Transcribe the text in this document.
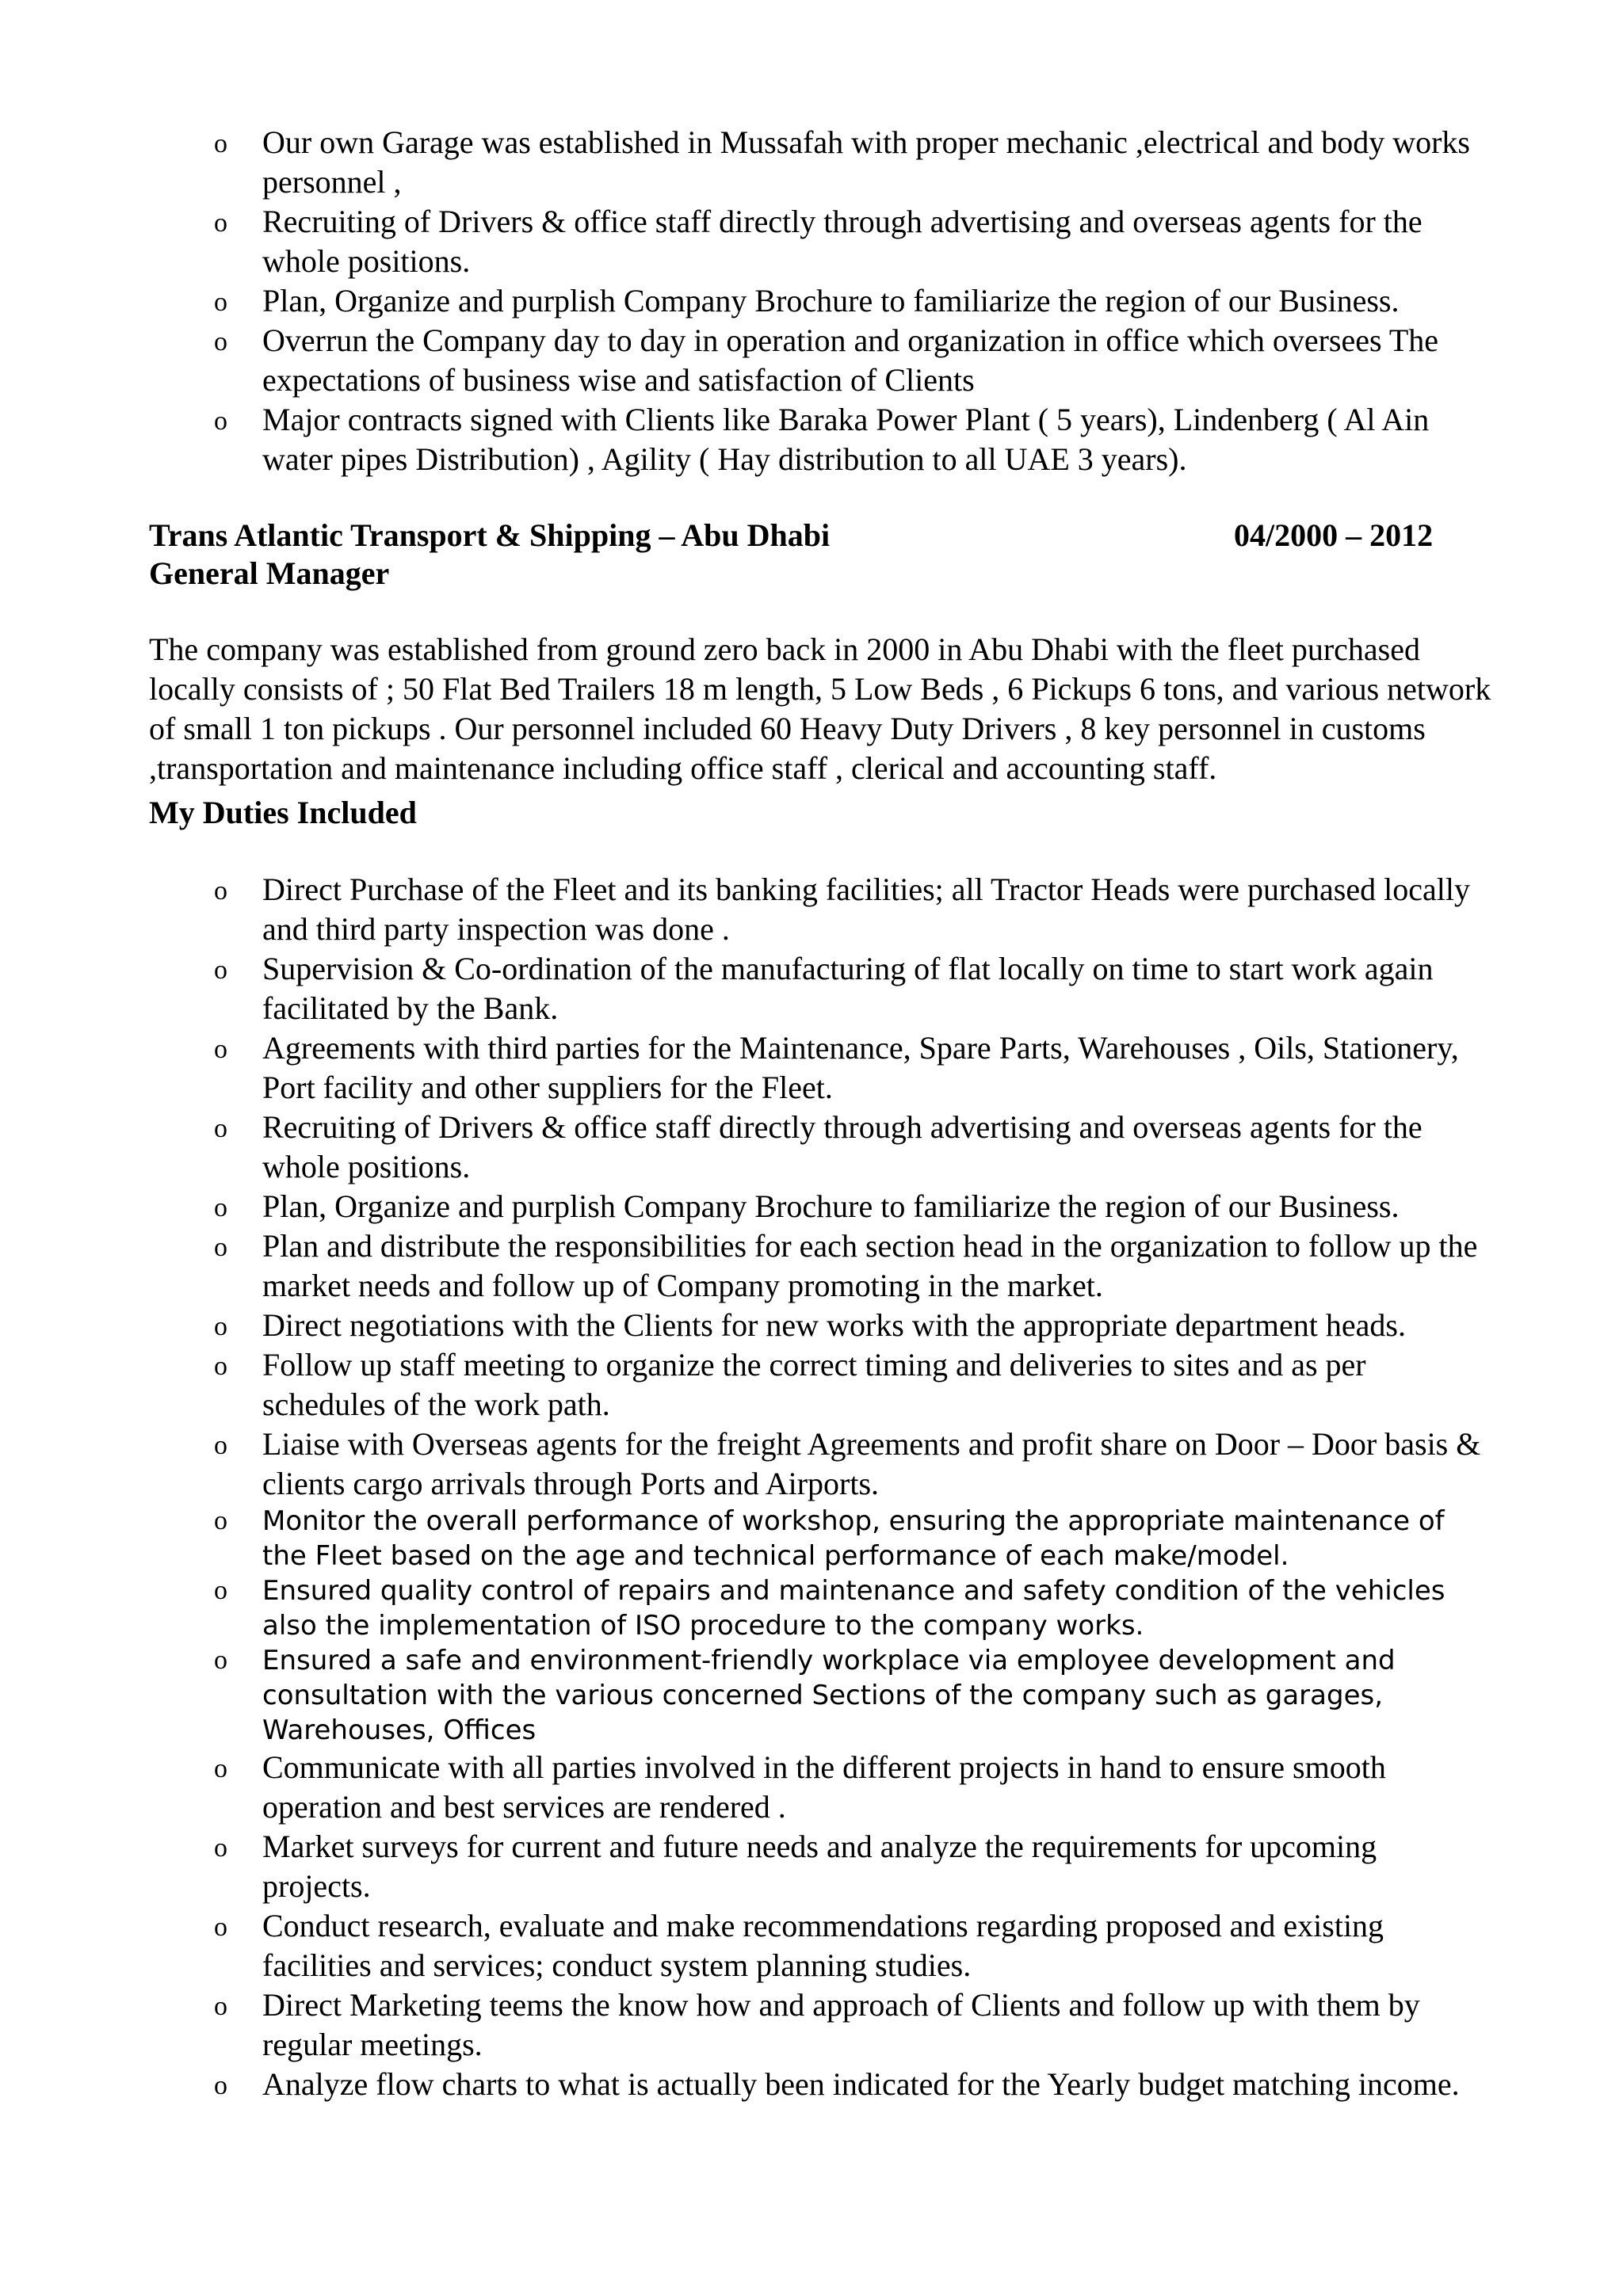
o Our own Garage was established in Mussafah with proper mechanic ,electrical and body works personnel ,
o Recruiting of Drivers & office staff directly through advertising and overseas agents for the whole positions.
o Plan, Organize and purplish Company Brochure to familiarize the region of our Business.
o Overrun the Company day to day in operation and organization in office which oversees The expectations of business wise and satisfaction of Clients
o Major contracts signed with Clients like Baraka Power Plant ( 5 years), Lindenberg ( Al Ain water pipes Distribution) , Agility ( Hay distribution to all UAE 3 years).
Trans Atlantic Transport & Shipping – Abu Dhabi	04/2000 – 2012
General Manager
The company was established from ground zero back in 2000 in Abu Dhabi with the fleet purchased locally consists of ; 50 Flat Bed Trailers 18 m length, 5 Low Beds , 6 Pickups 6 tons, and various network of small 1 ton pickups . Our personnel included 60 Heavy Duty Drivers , 8 key personnel in customs ,transportation and maintenance including office staff , clerical and accounting staff.
My Duties Included
o Direct Purchase of the Fleet and its banking facilities; all Tractor Heads were purchased locally and third party inspection was done .
o Supervision & Co-ordination of the manufacturing of flat locally on time to start work again facilitated by the Bank.
o Agreements with third parties for the Maintenance, Spare Parts, Warehouses , Oils, Stationery, Port facility and other suppliers for the Fleet.
o Recruiting of Drivers & office staff directly through advertising and overseas agents for the whole positions.
o Plan, Organize and purplish Company Brochure to familiarize the region of our Business.
o Plan and distribute the responsibilities for each section head in the organization to follow up the market needs and follow up of Company promoting in the market.
o Direct negotiations with the Clients for new works with the appropriate department heads.
o Follow up staff meeting to organize the correct timing and deliveries to sites and as per schedules of the work path.
o Liaise with Overseas agents for the freight Agreements and profit share on Door – Door basis & clients cargo arrivals through Ports and Airports.
o Monitor the overall performance of workshop, ensuring the appropriate maintenance of the Fleet based on the age and technical performance of each make/model.
o Ensured quality control of repairs and maintenance and safety condition of the vehicles also the implementation of ISO procedure to the company works.
o Ensured a safe and environment-friendly workplace via employee development and consultation with the various concerned Sections of the company such as garages, Warehouses, Offices
o Communicate with all parties involved in the different projects in hand to ensure smooth operation and best services are rendered .
o Market surveys for current and future needs and analyze the requirements for upcoming projects.
o Conduct research, evaluate and make recommendations regarding proposed and existing facilities and services; conduct system planning studies.
o Direct Marketing teems the know how and approach of Clients and follow up with them by regular meetings.
o Analyze flow charts to what is actually been indicated for the Yearly budget matching income.
